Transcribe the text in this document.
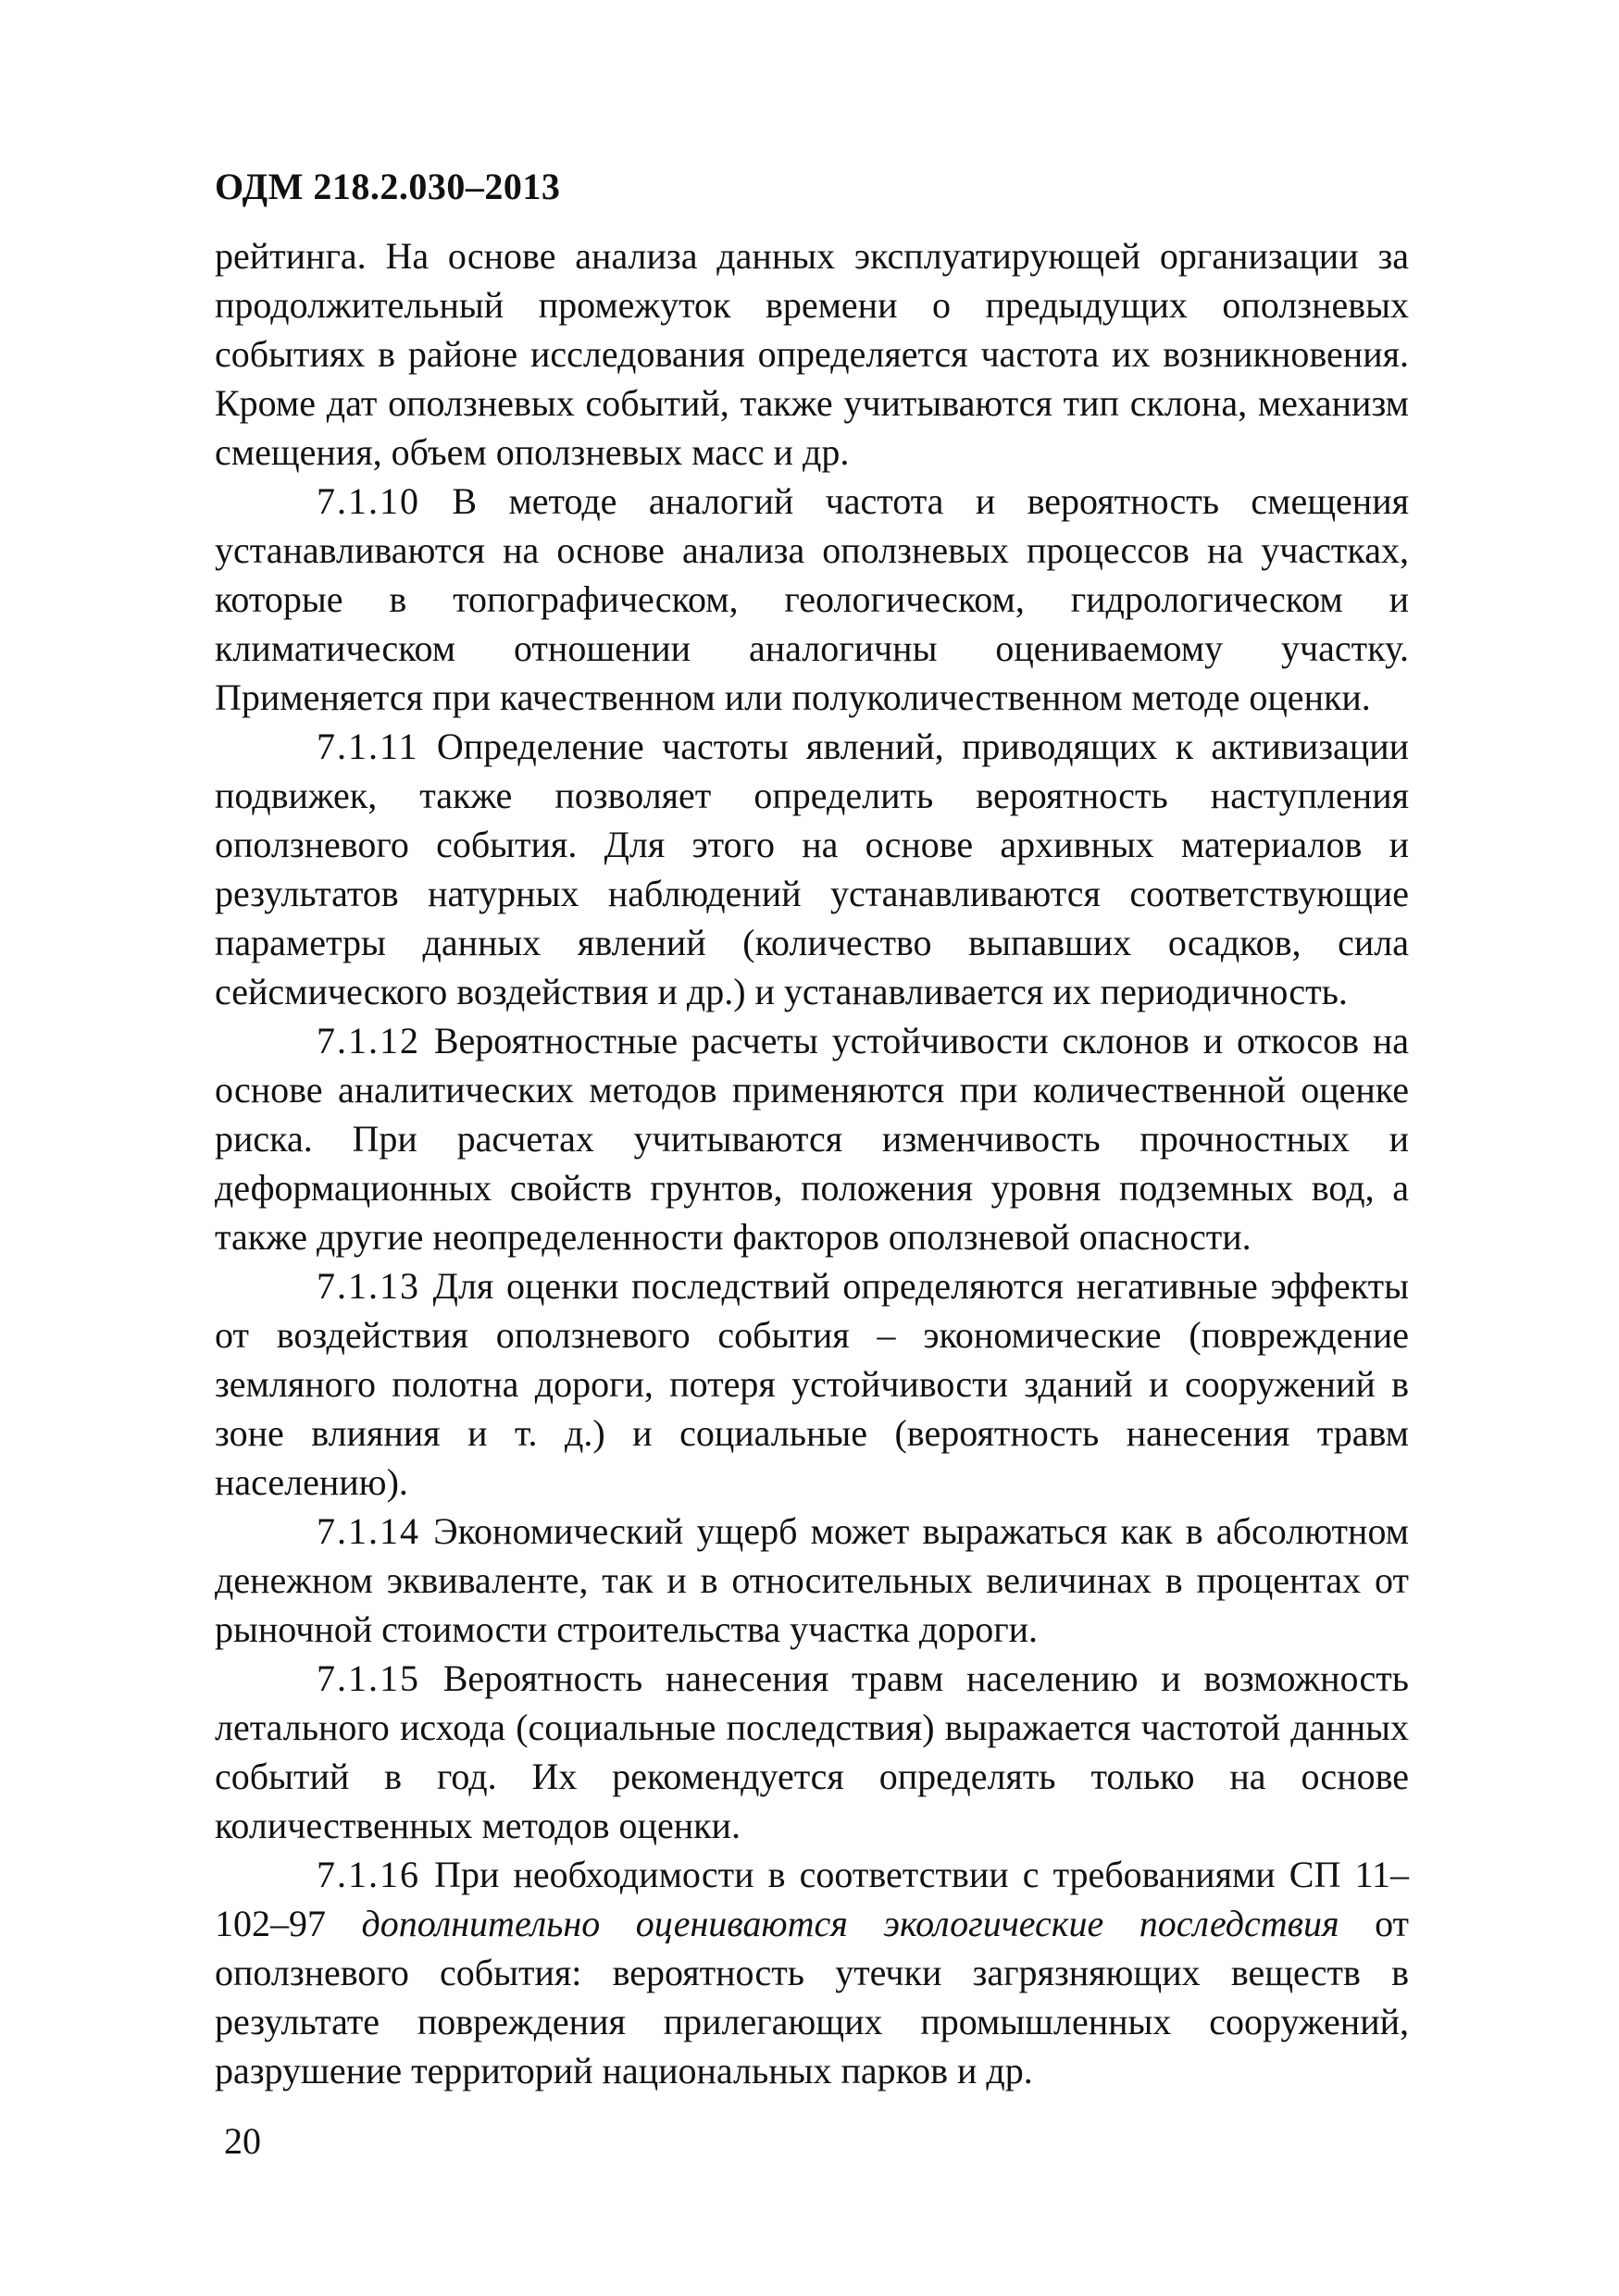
ОДМ 218.2.030–2013

рейтинга. На основе анализа данных эксплуатирующей организации за продолжительный промежуток времени о предыдущих оползневых событиях в районе исследования определяется частота их возникновения. Кроме дат оползневых событий, также учитываются тип склона, механизм смещения, объем оползневых масс и др.

7.1.10 В методе аналогий частота и вероятность смещения устанавливаются на основе анализа оползневых процессов на участках, которые в топографическом, геологическом, гидрологическом и климатическом отношении аналогичны оцениваемому участку. Применяется при качественном или полуколичественном методе оценки.

7.1.11 Определение частоты явлений, приводящих к активизации подвижек, также позволяет определить вероятность наступления оползневого события. Для этого на основе архивных материалов и результатов натурных наблюдений устанавливаются соответствующие параметры данных явлений (количество выпавших осадков, сила сейсмического воздействия и др.) и устанавливается их периодичность.

7.1.12 Вероятностные расчеты устойчивости склонов и откосов на основе аналитических методов применяются при количественной оценке риска. При расчетах учитываются изменчивость прочностных и деформационных свойств грунтов, положения уровня подземных вод, а также другие неопределенности факторов оползневой опасности.

7.1.13 Для оценки последствий определяются негативные эффекты от воздействия оползневого события – экономические (повреждение земляного полотна дороги, потеря устойчивости зданий и сооружений в зоне влияния и т. д.) и социальные (вероятность нанесения травм населению).

7.1.14 Экономический ущерб может выражаться как в абсолютном денежном эквиваленте, так и в относительных величинах в процентах от рыночной стоимости строительства участка дороги.

7.1.15 Вероятность нанесения травм населению и возможность летального исхода (социальные последствия) выражается частотой данных событий в год. Их рекомендуется определять только на основе количественных методов оценки.

7.1.16 При необходимости в соответствии с требованиями СП 11–102–97 дополнительно оцениваются экологические последствия от оползневого события: вероятность утечки загрязняющих веществ в результате повреждения прилегающих промышленных сооружений, разрушение территорий национальных парков и др.

20
